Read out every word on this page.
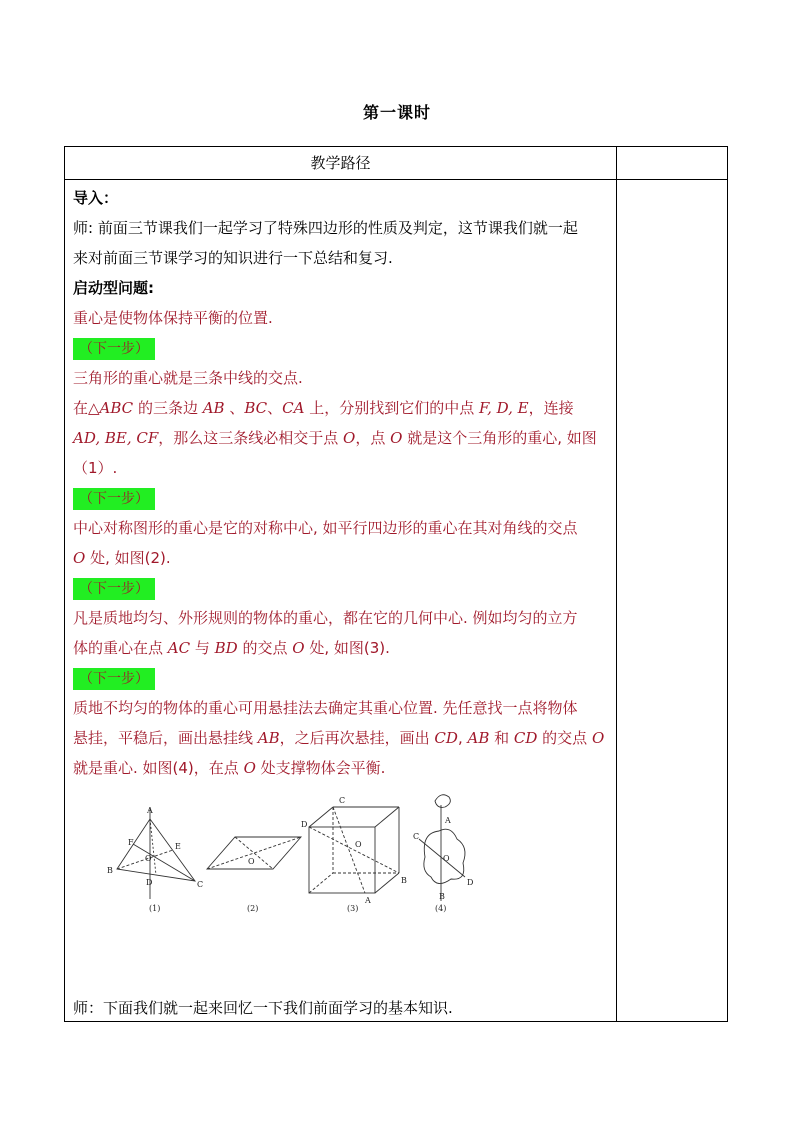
第一课时
教学路径
导入：
师: 前面三节课我们一起学习了特殊四边形的性质及判定，这节课我们就一起
来对前面三节课学习的知识进行一下总结和复习.
启动型问题:
重心是使物体保持平衡的位置.
（下一步）
三角形的重心就是三条中线的交点.
在△ABC 的三条边 AB 、BC、CA 上，分别找到它们的中点 F, D, E，连接
AD, BE, CF，那么这三条线必相交于点 O，点 O 就是这个三角形的重心, 如图
（1）.
（下一步）
中心对称图形的重心是它的对称中心, 如平行四边形的重心在其对角线的交点
O 处, 如图(2).
（下一步）
凡是质地均匀、外形规则的物体的重心，都在它的几何中心. 例如均匀的立方
体的重心在点 AC 与 BD 的交点 O 处, 如图(3).
（下一步）
质地不均匀的物体的重心可用悬挂法去确定其重心位置. 先任意找一点将物体
悬挂，平稳后，画出悬挂线 AB，之后再次悬挂，画出 CD, AB 和 CD 的交点 O
就是重心. 如图(4)，在点 O 处支撑物体会平衡.
A
F	E
O
B
D	C
(1)
O
(2)
C
D
O
B
A
(3)
A
C
O
D
B
(4)
师：下面我们就一起来回忆一下我们前面学习的基本知识.
